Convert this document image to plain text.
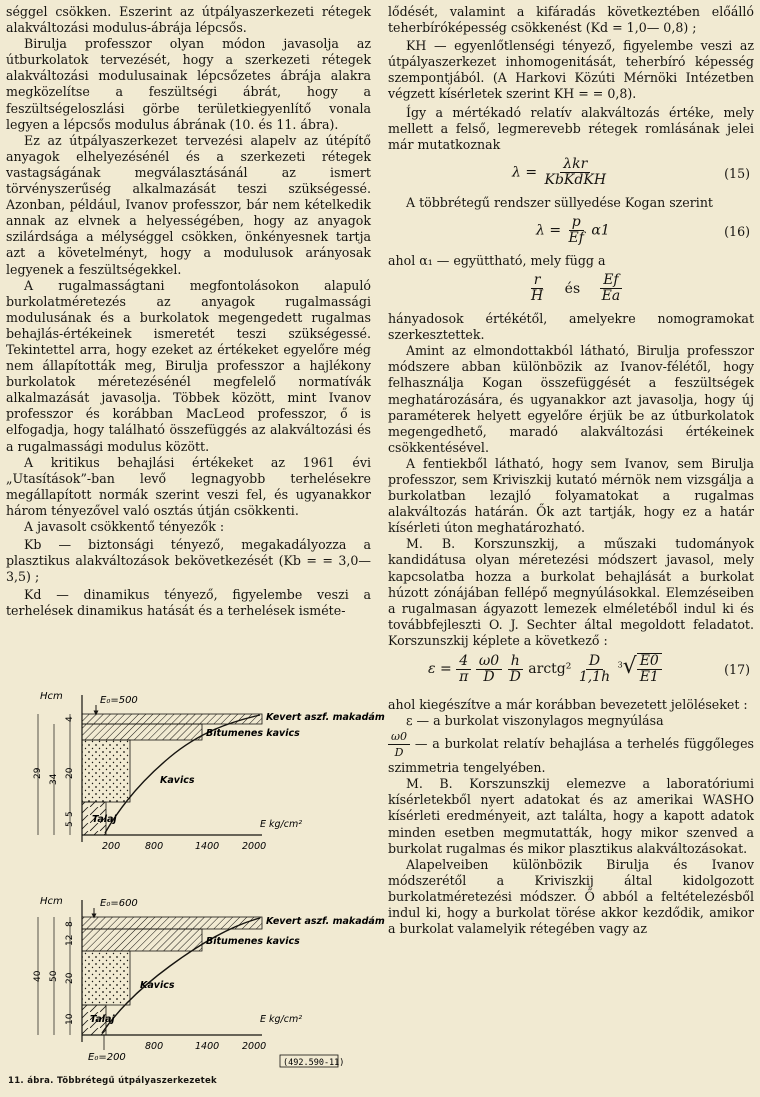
séggel csökken. Eszerint az útpályaszerkezeti rétegek alakváltozási modulus-ábrája lépcsős.

Birulja professzor olyan módon javasolja az útburkolatok tervezését, hogy a szerkezeti rétegek alakváltozási modulusainak lépcsőzetes ábrája alakra megközelítse a feszültségi ábrát, hogy a feszültségeloszlási görbe területkiegyenlítő vonala legyen a lépcsős modulus ábrának (10. és 11. ábra).

Ez az útpályaszerkezet tervezési alapelv az útépítő anyagok elhelyezésénél és a szerkezeti rétegek vastagságának megválasztásánál az ismert törvényszerűség alkalmazását teszi szükségessé. Azonban, például, Ivanov professzor, bár nem kételkedik annak az elvnek a helyességében, hogy az anyagok szilárdsága a mélységgel csökken, önkényesnek tartja azt a követelményt, hogy a modulusok arányosak legyenek a feszültségekkel.

A rugalmasságtani megfontolásokon alapuló burkolatméretezés az anyagok rugalmassági modulusának és a burkolatok megengedett rugalmas behajlás-értékeinek ismeretét teszi szükségessé. Tekintettel arra, hogy ezeket az értékeket egyelőre még nem állapították meg, Birulja professzor a hajlékony burkolatok méretezésénél megfelelő normatívák alkalmazását javasolja. Többek között, mint Ivanov professzor és korábban MacLeod professzor, ő is elfogadja, hogy található összefüggés az alakváltozási és a rugalmassági modulus között.

A kritikus behajlási értékeket az 1961 évi „Utasítások”-ban levő legnagyobb terhelésekre megállapított normák szerint veszi fel, és ugyanakkor három tényezővel való osztás útján csökkenti.

A javasolt csökkentő tényezők :

Kb — biztonsági tényező, megakadályozza a plasztikus alakváltozások bekövetkezését (Kb = = 3,0—3,5) ;

Kd — dinamikus tényező, figyelembe veszi a terhelések dinamikus hatását és a terhelések isméte-

Hcm	E₀=500
Kevert aszf. makadám
Bitumenes kavics
Kavics
Talaj
5
4
20
5
34
29
200	800	1400 2000
E kg/cm²
Hcm	E₀=600
Kevert aszf. makadám
Bitumenes kavics
Kavics
Talaj
8
12
20
10
50
40
800	1400 2000
E kg/cm²
E₀=200	(492.590-11)
11. ábra. Többrétegű útpályaszerkezetek

lődését, valamint a kifáradás következtében előálló teherbíróképesség csökkenést (Kd = 1,0— 0,8) ;

KH — egyenlőtlenségi tényező, figyelembe veszi az útpályaszerkezet inhomogenitását, teherbíró képesség szempontjából. (A Harkovi Közúti Mérnöki Intézetben végzett kísérletek szerint KH = = 0,8).

Így a mértékadó relatív alakváltozás értéke, mely mellett a felső, legmerevebb rétegek romlásának jelei már mutatkoznak

$\lambda = \frac{\text{λkr}}{\text{KbKdKH}}$	(15)

A többrétegű rendszer süllyedése Kogan szerint

$\lambda = \frac{p}{Ef} \alpha 1$	(16)

ahol α₁ — együttható, mely függ a

$\frac{r}{H}$ és $\frac{Ef}{Ea}$

hányadosok értékétől, amelyekre nomogramokat szerkesztettek.

Amint az elmondottakból látható, Birulja professzor módszere abban különbözik az Ivanov-félétől, hogy felhasználja Kogan összefüggését a feszültségek meghatározására, és ugyanakkor azt javasolja, hogy új paraméterek helyett egyelőre érjük be az útburkolatok megengedhető, maradó alakváltozási értékeinek csökkentésével.

A fentiekből látható, hogy sem Ivanov, sem Birulja professzor, sem Kriviszkij kutató mérnök nem vizsgálja a burkolatban lezajló folyamatokat a rugalmas alakváltozás határán. Ők azt tartják, hogy ez a határ kísérleti úton meghatározható.

M. B. Korszunszkij, a műszaki tudományok kandidátusa olyan méretezési módszert javasol, mely kapcsolatba hozza a burkolat behajlását a burkolat húzott zónájában fellépő megnyúlásokkal. Elemzéseiben a rugalmasan ágyazott lemezek elméletéből indul ki és továbbfejleszti O. J. Sechter által megoldott feladatot. Korszunszkij képlete a következő :

$\varepsilon = \frac{4}{\pi}$
$\frac{\omega 0}{D}$
$\frac{h}{D}$ arctg² $\frac{D}{1,1h} ^3√ \frac{E0}{E1}$	(17)

ahol kiegészítve a már korábban bevezetett jelöléseket :

ε — a burkolat viszonylagos megnyúlása

$\frac{\omega 0}{D}$ — a burkolat relatív behajlása a terhelés függőleges szimmetria tengelyében.

M. B. Korszunszkij elemezve a laboratóriumi kísérletekből nyert adatokat és az amerikai WASHO kísérleti eredményeit, azt találta, hogy a kapott adatok minden esetben megmutatták, hogy mikor szenved a burkolat rugalmas és mikor plasztikus alakváltozásokat.

Alapelveiben különbözik Birulja és Ivanov módszerétől a Kriviszkij által kidolgozott burkolatméretezési módszer. Ő abból a feltételezésből indul ki, hogy a burkolat törése akkor kezdődik, amikor a burkolat valamelyik rétegében vagy az
